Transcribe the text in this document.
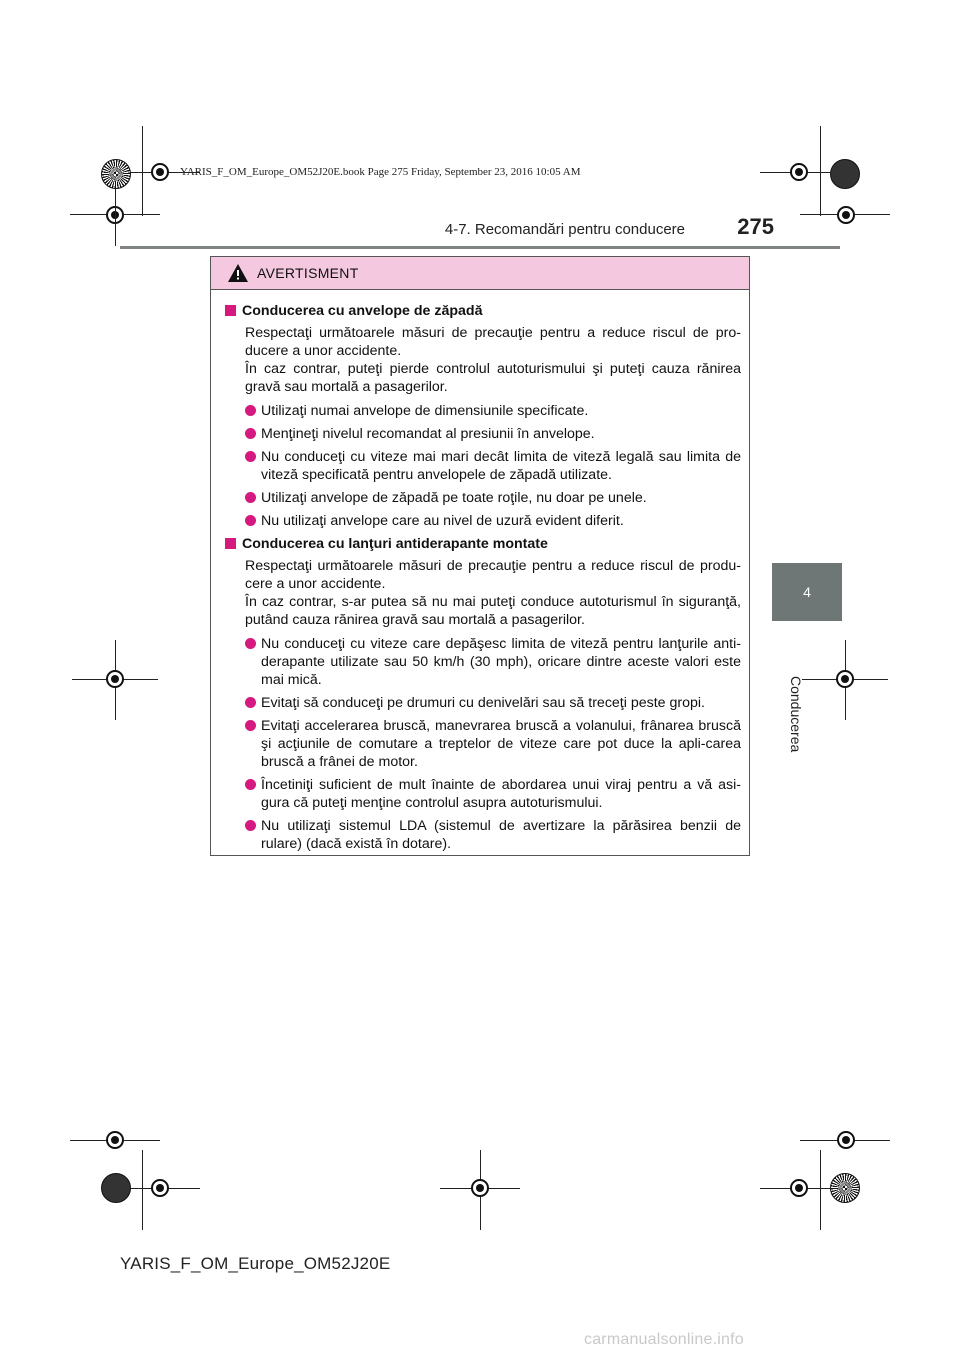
YARIS_F_OM_Europe_OM52J20E.book Page 275 Friday, September 23, 2016 10:05 AM
4-7. Recomandări pentru conducere	275
4
Conducerea
AVERTISMENT
Conducerea cu anvelope de zăpadă
Respectaţi următoarele măsuri de precauţie pentru a reduce riscul de pro-ducere a unor accidente.
În caz contrar, puteţi pierde controlul autoturismului şi puteţi cauza rănirea gravă sau mortală a pasagerilor.
Utilizaţi numai anvelope de dimensiunile specificate.
Menţineţi nivelul recomandat al presiunii în anvelope.
Nu conduceţi cu viteze mai mari decât limita de viteză legală sau limita de viteză specificată pentru anvelopele de zăpadă utilizate.
Utilizaţi anvelope de zăpadă pe toate roţile, nu doar pe unele.
Nu utilizaţi anvelope care au nivel de uzură evident diferit.
Conducerea cu lanţuri antiderapante montate
Respectaţi următoarele măsuri de precauţie pentru a reduce riscul de produ-cere a unor accidente.
În caz contrar, s-ar putea să nu mai puteţi conduce autoturismul în siguranţă, putând cauza rănirea gravă sau mortală a pasagerilor.
Nu conduceţi cu viteze care depăşesc limita de viteză pentru lanţurile anti-derapante utilizate sau 50 km/h (30 mph), oricare dintre aceste valori este mai mică.
Evitaţi să conduceţi pe drumuri cu denivelări sau să treceţi peste gropi.
Evitaţi accelerarea bruscă, manevrarea bruscă a volanului, frânarea bruscă şi acţiunile de comutare a treptelor de viteze care pot duce la apli-carea bruscă a frânei de motor.
Încetiniţi suficient de mult înainte de abordarea unui viraj pentru a vă asi-gura că puteţi menţine controlul asupra autoturismului.
Nu utilizaţi sistemul LDA (sistemul de avertizare la părăsirea benzii de rulare) (dacă există în dotare).
YARIS_F_OM_Europe_OM52J20E
carmanualsonline.info
